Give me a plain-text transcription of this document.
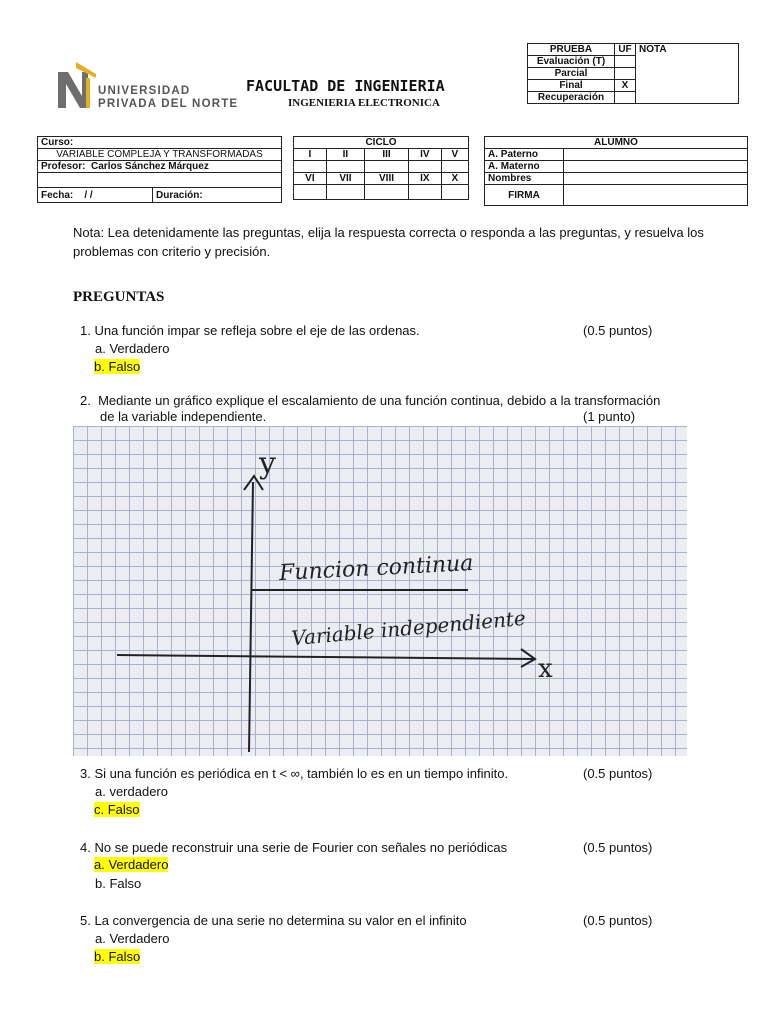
UNIVERSIDAD
PRIVADA DEL NORTE
FACULTAD DE INGENIERIA
INGENIERIA ELECTRONICA
PRUEBA	UF	NOTA
Evaluación (T)		
Parcial		
Final	X	
Recuperación		
Curso:
VARIABLE COMPLEJA Y TRANSFORMADAS
Profesor: Carlos Sánchez Márquez

Fecha: / /	Duración:
CICLO				
I	II	III	IV	V

VI	VII	VIII	IX	X

ALUMNO	
A. Paterno	
A. Materno	
Nombres	
FIRMA	
Nota: Lea detenidamente las preguntas, elija la respuesta correcta o responda a las preguntas, y resuelva los problemas con criterio y precisión.
PREGUNTAS
1. Una función impar se refleja sobre el eje de las ordenas.	(0.5 puntos)
a. Verdadero
b. Falso
2. Mediante un gráfico explique el escalamiento de una función continua, debido a la transformación
de la variable independiente.	(1 punto)
y
x
Funcion continua
Variable independiente
3. Si una función es periódica en t < ∞, también lo es en un tiempo infinito.	(0.5 puntos)
a. verdadero
c. Falso
4. No se puede reconstruir una serie de Fourier con señales no periódicas	(0.5 puntos)
a. Verdadero
b. Falso
5. La convergencia de una serie no determina su valor en el infinito	(0.5 puntos)
a. Verdadero
b. Falso
